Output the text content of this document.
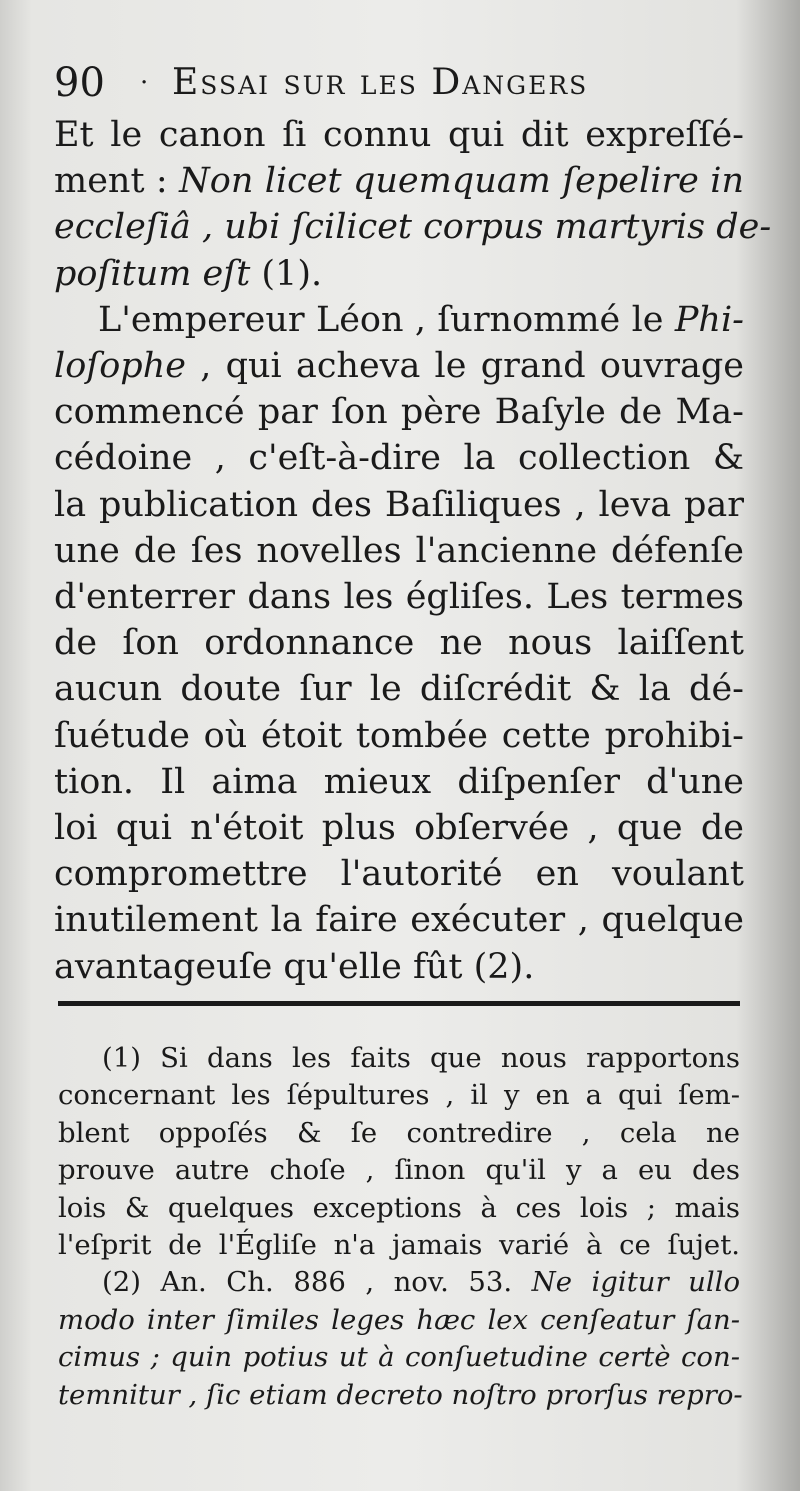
90 · Essai sur les Dangers
Et le canon ſi connu qui dit expreſſé-
ment : Non licet quemquam ſepelire in
eccleſiâ , ubi ſcilicet corpus martyris de-
poſitum eſt (1).
L'empereur Léon , ſurnommé le Phi-
loſophe , qui acheva le grand ouvrage
commencé par ſon père Baſyle de Ma-
cédoine , c'eſt-à-dire la collection &
la publication des Baſiliques , leva par
une de ſes novelles l'ancienne défenſe
d'enterrer dans les égliſes. Les termes
de ſon ordonnance ne nous laiſſent
aucun doute ſur le diſcrédit & la dé-
ſuétude où étoit tombée cette prohibi-
tion. Il aima mieux diſpenſer d'une
loi qui n'étoit plus obſervée , que de
compromettre l'autorité en voulant
inutilement la faire exécuter , quelque
avantageuſe qu'elle fût (2).
(1) Si dans les faits que nous rapportons
concernant les ſépultures , il y en a qui ſem-
blent oppoſés & ſe contredire , cela ne
prouve autre choſe , ſinon qu'il y a eu des
lois & quelques exceptions à ces lois ; mais
l'eſprit de l'Égliſe n'a jamais varié à ce ſujet.
(2) An. Ch. 886 , nov. 53. Ne igitur ullo
modo inter ſimiles leges hæc lex cenſeatur ſan-
cimus ; quin potius ut à conſuetudine certè con-
temnitur , ſic etiam decreto noſtro prorſus repro-
